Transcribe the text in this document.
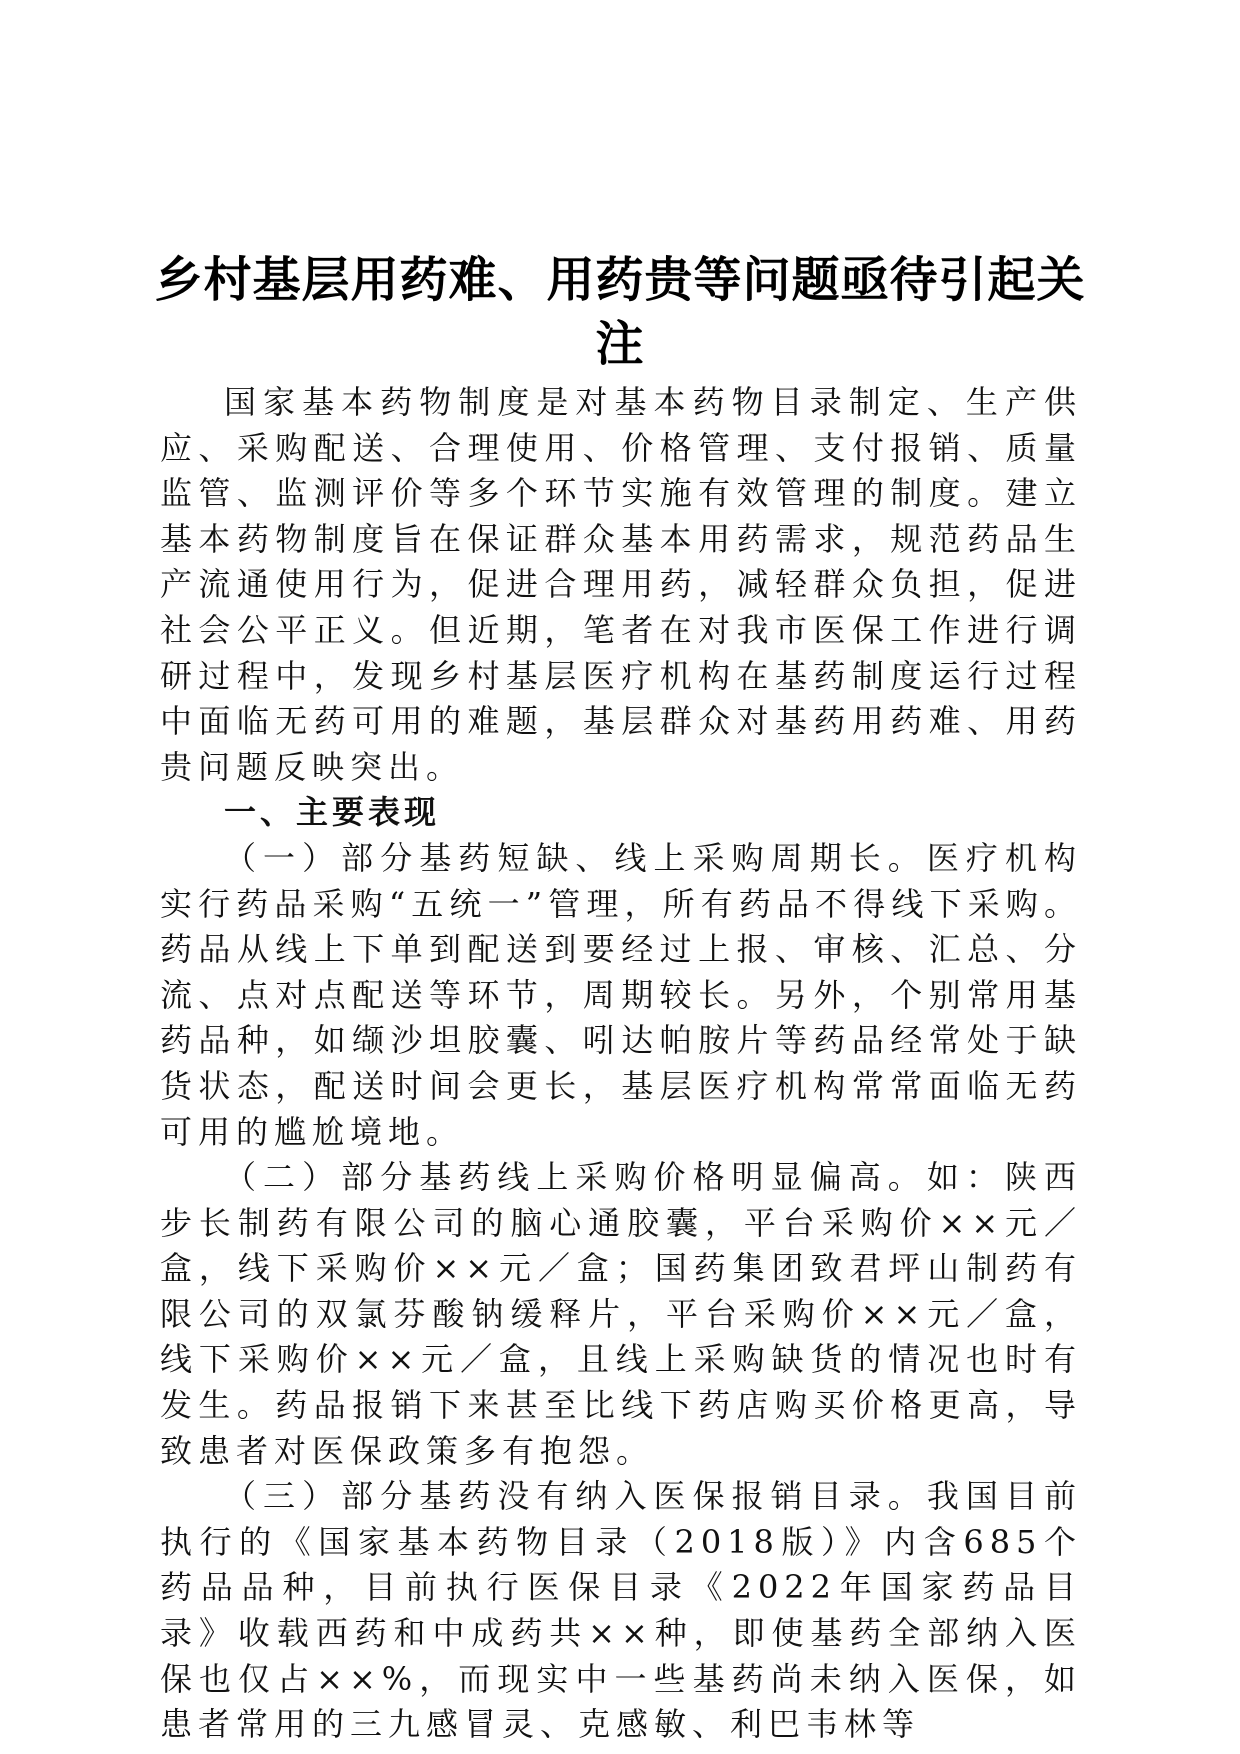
乡村基层用药难、用药贵等问题亟待引起关注

国家基本药物制度是对基本药物目录制定、生产供应、采购配送、合理使用、价格管理、支付报销、质量监管、监测评价等多个环节实施有效管理的制度。建立基本药物制度旨在保证群众基本用药需求，规范药品生产流通使用行为，促进合理用药，减轻群众负担，促进社会公平正义。但近期，笔者在对我市医保工作进行调研过程中，发现乡村基层医疗机构在基药制度运行过程中面临无药可用的难题，基层群众对基药用药难、用药贵问题反映突出。

一、主要表现

（一）部分基药短缺、线上采购周期长。医疗机构实行药品采购“五统一”管理，所有药品不得线下采购。药品从线上下单到配送到要经过上报、审核、汇总、分流、点对点配送等环节，周期较长。另外，个别常用基药品种，如缬沙坦胶囊、吲达帕胺片等药品经常处于缺货状态，配送时间会更长，基层医疗机构常常面临无药可用的尴尬境地。

（二）部分基药线上采购价格明显偏高。如：陕西步长制药有限公司的脑心通胶囊，平台采购价××元／盒，线下采购价××元／盒；国药集团致君坪山制药有限公司的双氯芬酸钠缓释片，平台采购价××元／盒，线下采购价××元／盒，且线上采购缺货的情况也时有发生。药品报销下来甚至比线下药店购买价格更高，导致患者对医保政策多有抱怨。

（三）部分基药没有纳入医保报销目录。我国目前执行的《国家基本药物目录（2018版）》内含685个药品品种，目前执行医保目录《2022年国家药品目录》收载西药和中成药共××种，即使基药全部纳入医保也仅占××%，而现实中一些基药尚未纳入医保，如患者常用的三九感冒灵、克感敏、利巴韦林等
